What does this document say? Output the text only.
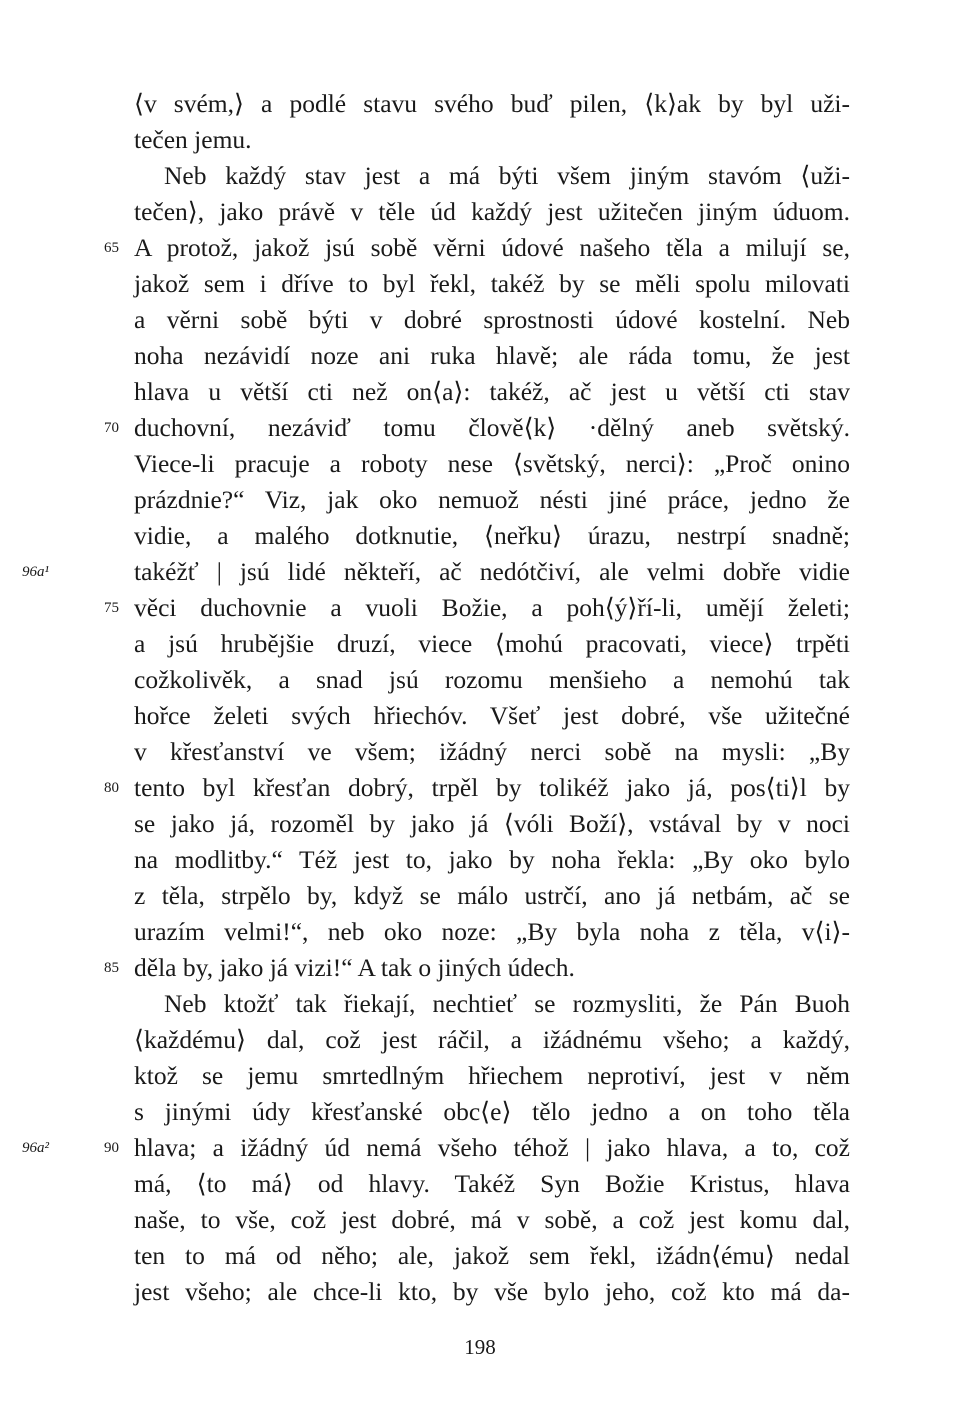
⟨v svém,⟩ a podlé stavu svého buď pilen, ⟨k⟩ak by byl uži-
tečen jemu.
Neb každý stav jest a má býti všem jiným stavóm ⟨uži-
tečen⟩, jako právě v těle úd každý jest užitečen jiným úduom.
A protož, jakož jsú sobě věrni údové našeho těla a milují se,
jakož sem i dříve to byl řekl, takéž by se měli spolu milovati
a věrni sobě býti v dobré sprostnosti údové kostelní. Neb
noha nezávidí noze ani ruka hlavě; ale ráda tomu, že jest
hlava u větší cti než on⟨a⟩: takéž, ač jest u větší cti stav
duchovní, nezáviď tomu člově⟨k⟩ ·dělný aneb světský.
Viece-li pracuje a roboty nese ⟨světský, nerci⟩: „Proč onino
prázdnie?“ Viz, jak oko nemuož nésti jiné práce, jedno že
vidie, a malého dotknutie, ⟨neřku⟩ úrazu, nestrpí snadně;
takéžť | jsú lidé někteří, ač nedótčiví, ale velmi dobře vidie
věci duchovnie a vuoli Božie, a poh⟨ý⟩ří-li, umějí želeti;
a jsú hrubějšie druzí, viece ⟨mohú pracovati, viece⟩ trpěti
cožkolivěk, a snad jsú rozomu menšieho a nemohú tak
hořce želeti svých hřiechóv. Všeť jest dobré, vše užitečné
v křesťanství ve všem; ižádný nerci sobě na mysli: „By
tento byl křesťan dobrý, trpěl by tolikéž jako já, pos⟨ti⟩l by
se jako já, rozoměl by jako já ⟨vóli Boží⟩, vstával by v noci
na modlitby.“ Též jest to, jako by noha řekla: „By oko bylo
z těla, strpělo by, když se málo ustrčí, ano já netbám, ač se
urazím velmi!“, neb oko noze: „By byla noha z těla, v⟨i⟩-
děla by, jako já vizi!“ A tak o jiných údech.
Neb ktožť tak řiekají, nechtieť se rozmysliti, že Pán Buoh
⟨každému⟩ dal, což jest ráčil, a ižádnému všeho; a každý,
ktož se jemu smrtedlným hřiechem neprotiví, jest v něm
s jinými údy křesťanské obc⟨e⟩ tělo jedno a on toho těla
hlava; a ižádný úd nemá všeho téhož | jako hlava, a to, což
má, ⟨to má⟩ od hlavy. Takéž Syn Božie Kristus, hlava
naše, to vše, což jest dobré, má v sobě, a což jest komu dal,
ten to má od něho; ale, jakož sem řekl, ižádn⟨ému⟩ nedal
jest všeho; ale chce-li kto, by vše bylo jeho, což kto má da-
65
70
75
80
85
90
96a¹
96a²
198
